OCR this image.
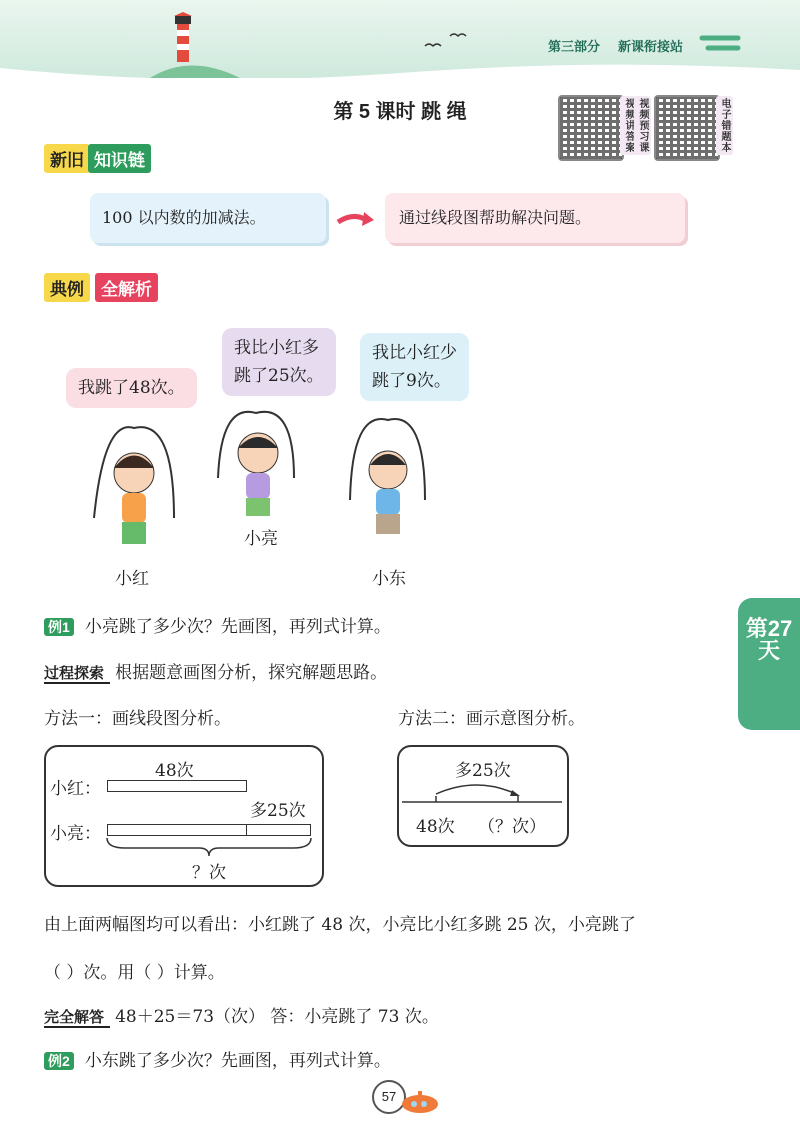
第三部分 新课衔接站
第 5 课时 跳 绳	视频讲答案 视频预习课	电子错题本
新旧 知识链
100 以内数的加减法。	通过线段图帮助解决问题。
典例	全解析
我跳了48次。
我比小红多
跳了25次。
我比小红少
跳了9次。
小亮
小红	小东
例1 小亮跳了多少次？先画图，再列式计算。
过程探索 根据题意画图分析，探究解题思路。
方法一：画线段图分析。	方法二：画示意图分析。
48次
小红：
多25次
小亮：
？次
多25次
48次 （？次）
由上面两幅图均可以看出：小红跳了 48 次，小亮比小红多跳 25 次，小亮跳了
（ ）次。用（ ）计算。
完全解答 48＋25＝73（次） 答：小亮跳了 73 次。
例2 小东跳了多少次？先画图，再列式计算。
第27天
57
